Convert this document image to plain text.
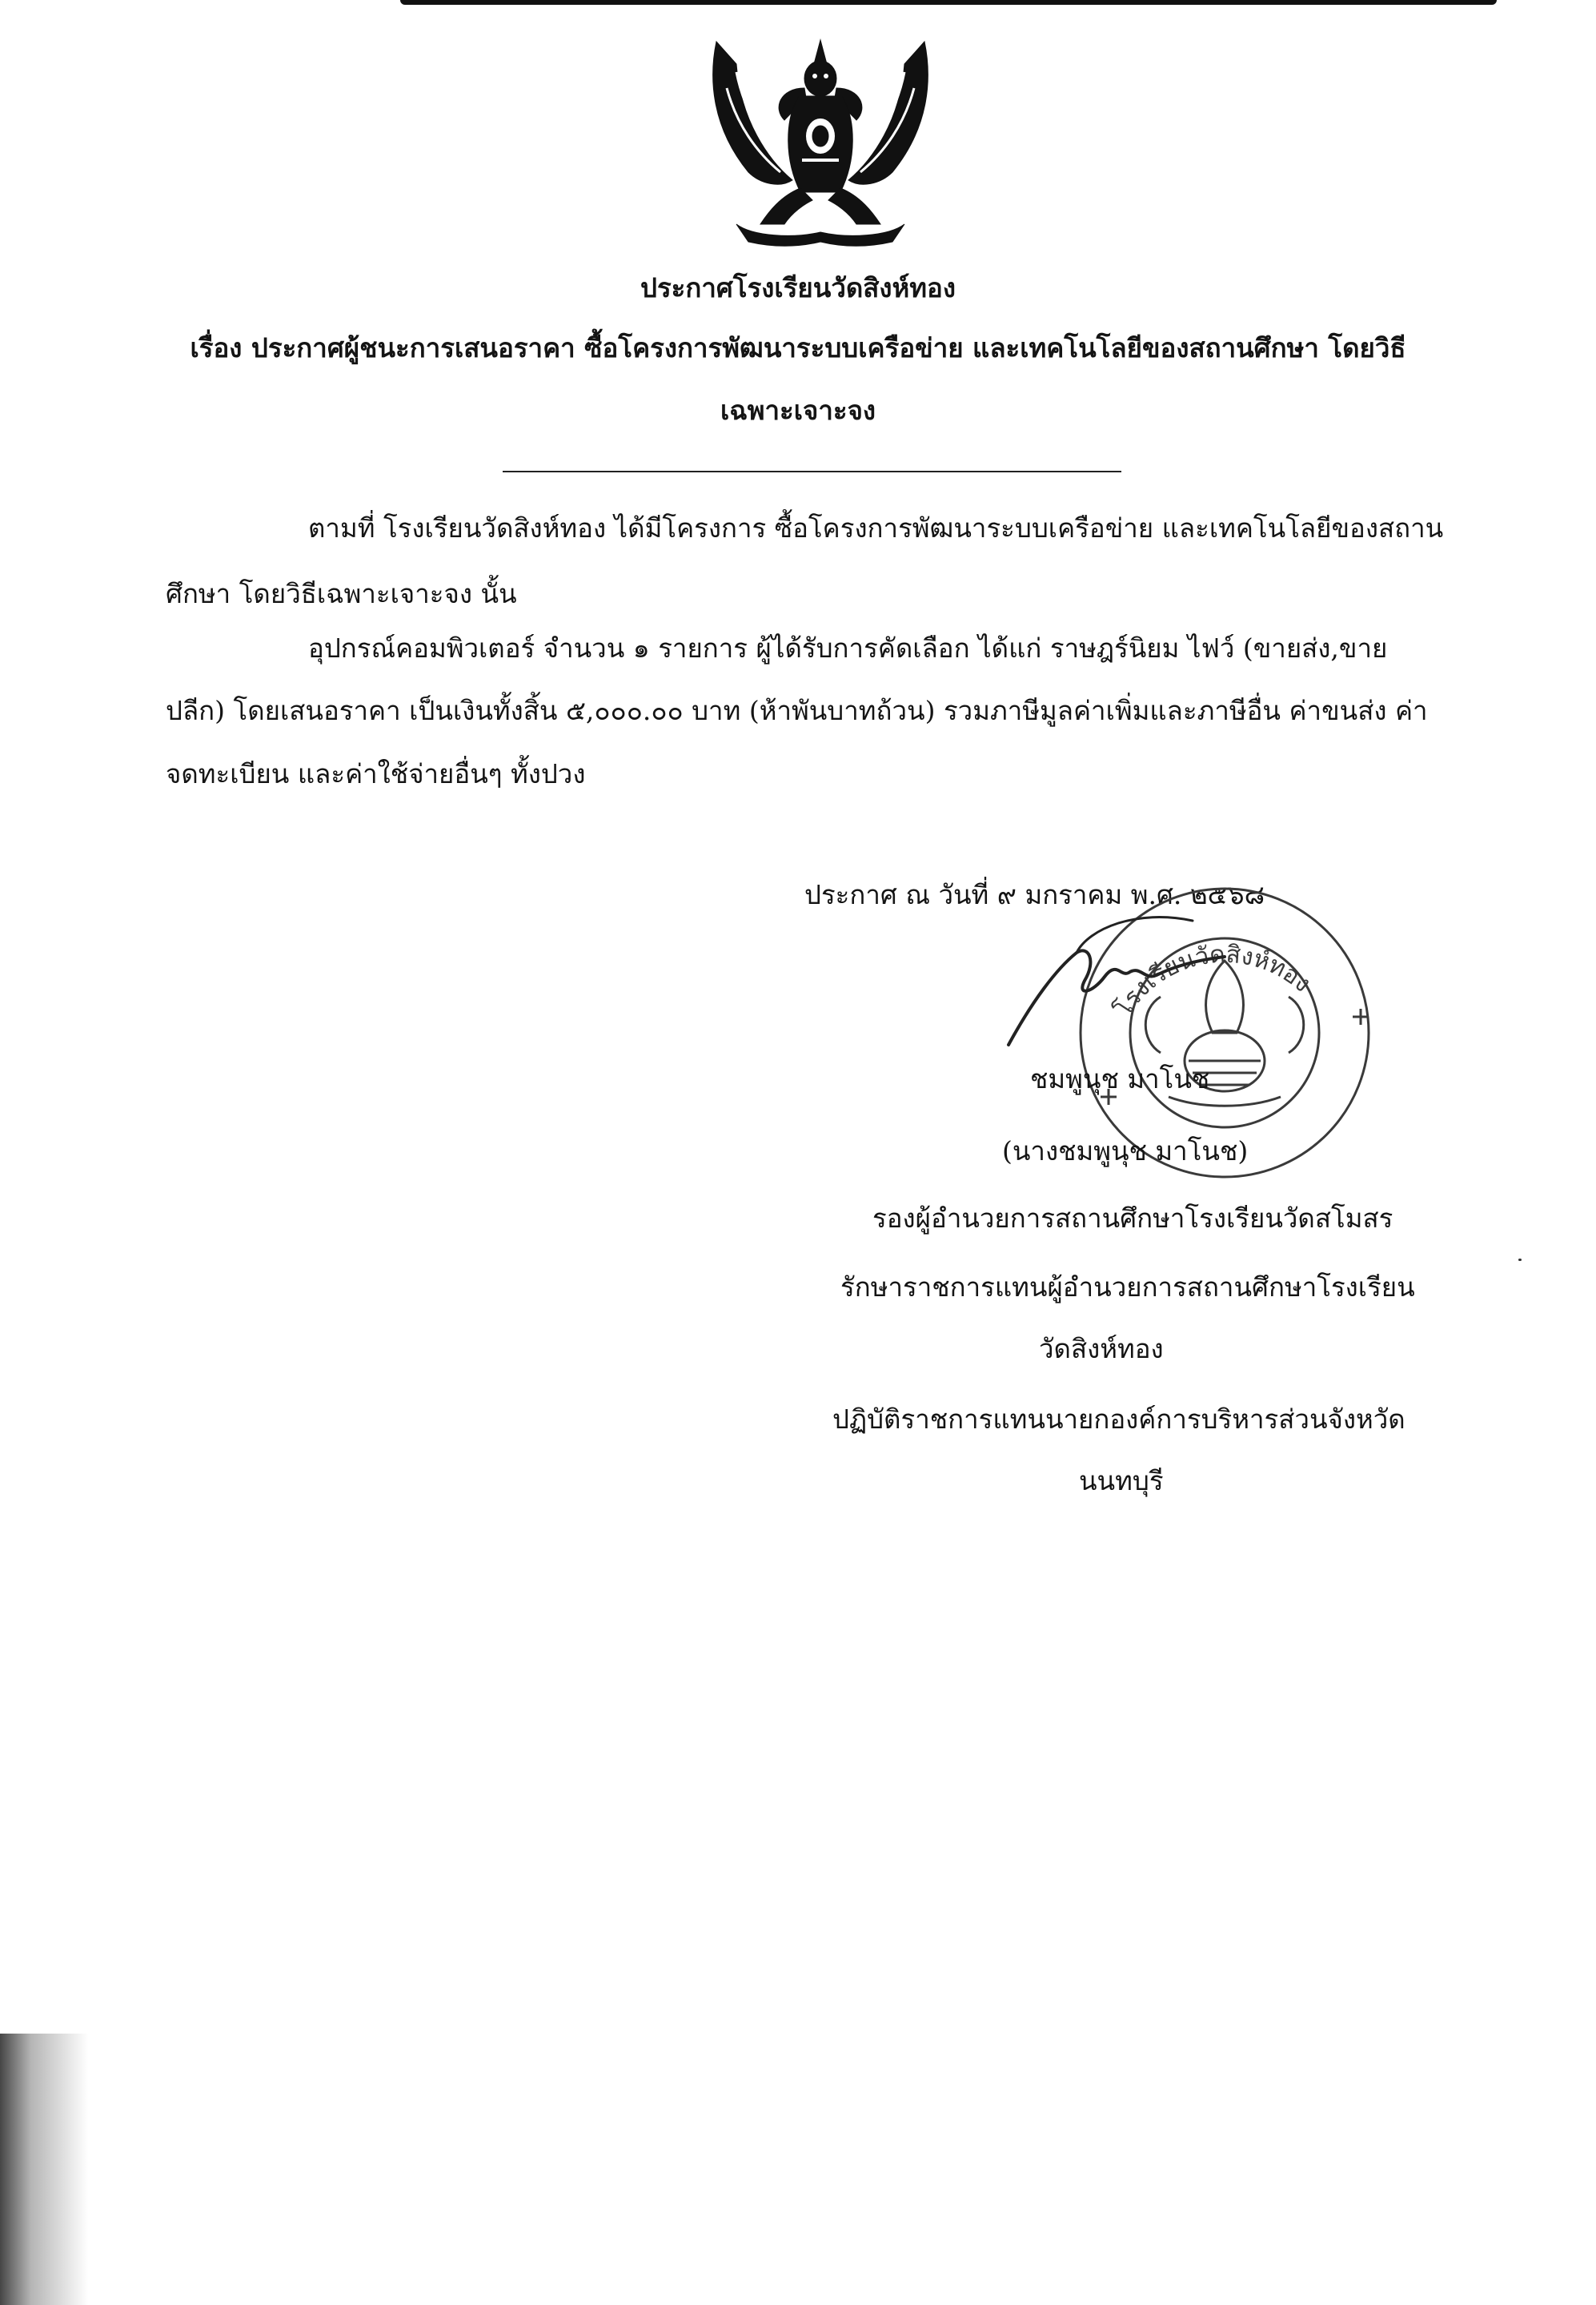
ประกาศโรงเรียนวัดสิงห์ทอง
เรื่อง ประกาศผู้ชนะการเสนอราคา ซื้อโครงการพัฒนาระบบเครือข่าย และเทคโนโลยีของสถานศึกษา โดยวิธี
เฉพาะเจาะจง
ตามที่ โรงเรียนวัดสิงห์ทอง ได้มีโครงการ ซื้อโครงการพัฒนาระบบเครือข่าย และเทคโนโลยีของสถาน
ศึกษา โดยวิธีเฉพาะเจาะจง นั้น
อุปกรณ์คอมพิวเตอร์ จำนวน ๑ รายการ ผู้ได้รับการคัดเลือก ได้แก่ ราษฎร์นิยม ไฟว์ (ขายส่ง,ขาย
ปลีก) โดยเสนอราคา เป็นเงินทั้งสิ้น ๕,๐๐๐.๐๐ บาท (ห้าพันบาทถ้วน) รวมภาษีมูลค่าเพิ่มและภาษีอื่น ค่าขนส่ง ค่า
จดทะเบียน และค่าใช้จ่ายอื่นๆ ทั้งปวง
ประกาศ ณ วันที่ ๙ มกราคม พ.ศ. ๒๕๖๘
โรงเรียนวัดสิงห์ทอง
ชมพูนุช มาโนช
(นางชมพูนุช มาโนช)
รองผู้อำนวยการสถานศึกษาโรงเรียนวัดสโมสร
รักษาราชการแทนผู้อำนวยการสถานศึกษาโรงเรียน
วัดสิงห์ทอง
ปฏิบัติราชการแทนนายกองค์การบริหารส่วนจังหวัด
นนทบุรี
